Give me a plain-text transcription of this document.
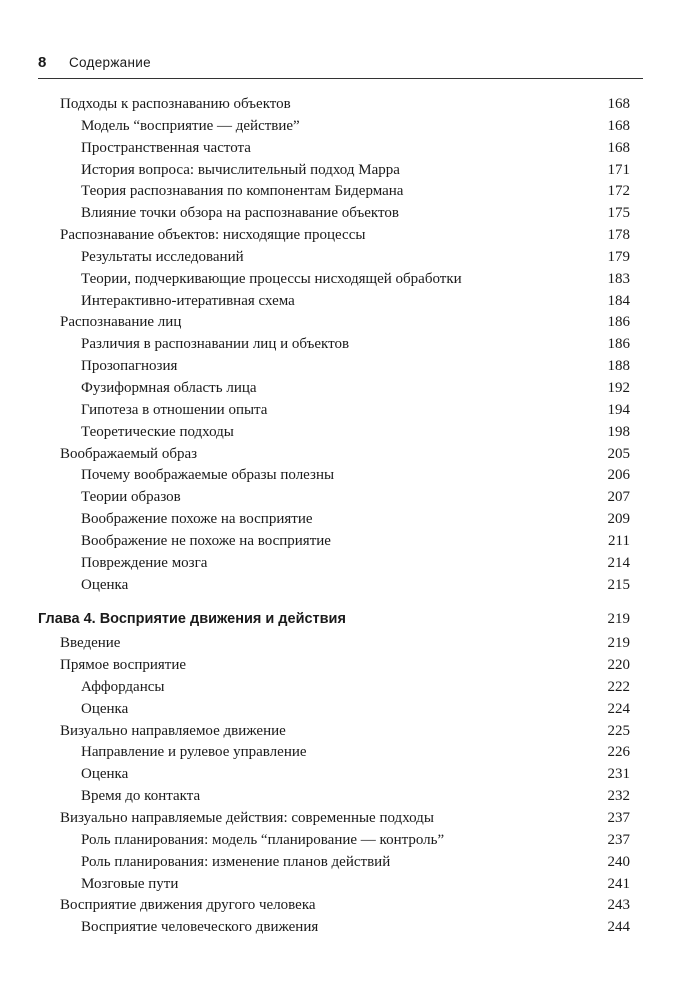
8 Содержание
Подходы к распознаванию объектов	168
Модель “восприятие — действие”	168
Пространственная частота	168
История вопроса: вычислительный подход Марра	171
Теория распознавания по компонентам Бидермана	172
Влияние точки обзора на распознавание объектов	175
Распознавание объектов: нисходящие процессы	178
Результаты исследований	179
Теории, подчеркивающие процессы нисходящей обработки	183
Интерактивно-итеративная схема	184
Распознавание лиц	186
Различия в распознавании лиц и объектов	186
Прозопагнозия	188
Фузиформная область лица	192
Гипотеза в отношении опыта	194
Теоретические подходы	198
Воображаемый образ	205
Почему воображаемые образы полезны	206
Теории образов	207
Воображение похоже на восприятие	209
Воображение не похоже на восприятие	211
Повреждение мозга	214
Оценка	215
Глава 4. Восприятие движения и действия	219
Введение	219
Прямое восприятие	220
Аффордансы	222
Оценка	224
Визуально направляемое движение	225
Направление и рулевое управление	226
Оценка	231
Время до контакта	232
Визуально направляемые действия: современные подходы	237
Роль планирования: модель “планирование — контроль”	237
Роль планирования: изменение планов действий	240
Мозговые пути	241
Восприятие движения другого человека	243
Восприятие человеческого движения	244
